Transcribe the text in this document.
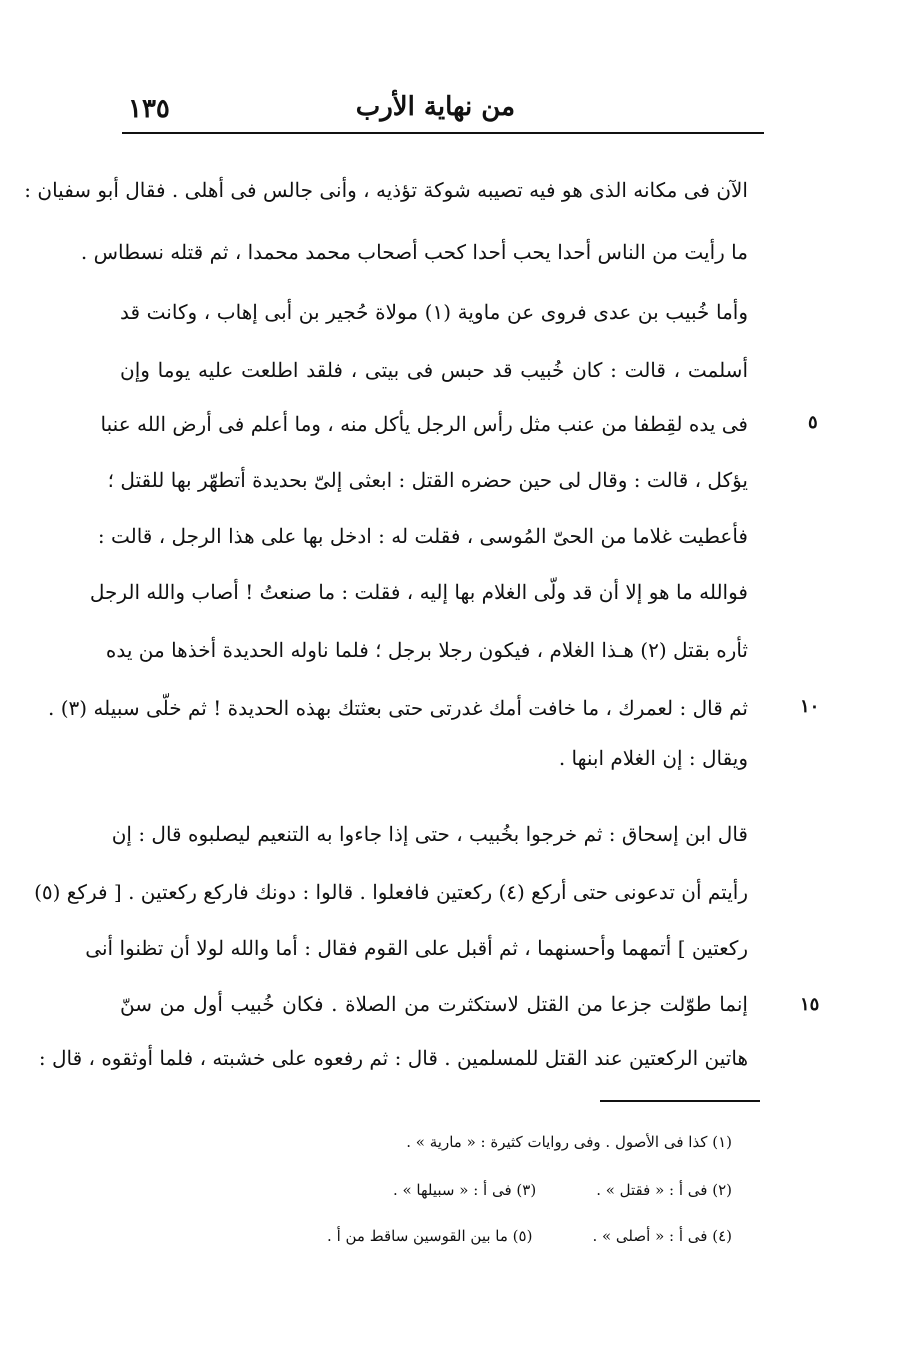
١٣٥	من نهاية الأرب
الآن فى مكانه الذى هو فيه تصيبه شوكة تؤذيه ، وأنى جالس فى أهلى . فقال أبو سفيان :
ما رأيت من الناس أحدا يحب أحدا كحب أصحاب محمد محمدا ، ثم قتله نسطاس .
وأما خُبيب بن عدى فروى عن ماوية (١) مولاة حُجير بن أبى إهاب ، وكانت قد
أسلمت ، قالت : كان خُبيب قد حبس فى بيتى ، فلقد اطلعت عليه يوما وإن
فى يده لقِطفا من عنب مثل رأس الرجل يأكل منه ، وما أعلم فى أرض الله عنبا
يؤكل ، قالت : وقال لى حين حضره القتل : ابعثى إلىّ بحديدة أتطهّر بها للقتل ؛
فأعطيت غلاما من الحىّ المُوسى ، فقلت له : ادخل بها على هذا الرجل ، قالت :
فوالله ما هو إلا أن قد ولّى الغلام بها إليه ، فقلت : ما صنعتُ ! أصاب والله الرجل
ثأره بقتل (٢) هـذا الغلام ، فيكون رجلا برجل ؛ فلما ناوله الحديدة أخذها من يده
ثم قال : لعمرك ، ما خافت أمك غدرتى حتى بعثتك بهذه الحديدة ! ثم خلّى سبيله (٣) .
ويقال : إن الغلام ابنها .
قال ابن إسحاق : ثم خرجوا بخُبيب ، حتى إذا جاءوا به التنعيم ليصلبوه قال : إن
رأيتم أن تدعونى حتى أركع (٤) ركعتين فافعلوا . قالوا : دونك فاركع ركعتين . [ فركع (٥)
ركعتين ] أتمهما وأحسنهما ، ثم أقبل على القوم فقال : أما والله لولا أن تظنوا أنى
إنما طوّلت جزعا من القتل لاستكثرت من الصلاة . فكان خُبيب أول من سنّ
هاتين الركعتين عند القتل للمسلمين . قال : ثم رفعوه على خشبته ، فلما أوثقوه ، قال :
٥
١٠
١٥
(١) كذا فى الأصول . وفى روايات كثيرة : « مارية » .
(٢) فى أ : « فقتل » .(٣) فى أ : « سبيلها » .
(٤) فى أ : « أصلى » .(٥) ما بين القوسين ساقط من أ .
